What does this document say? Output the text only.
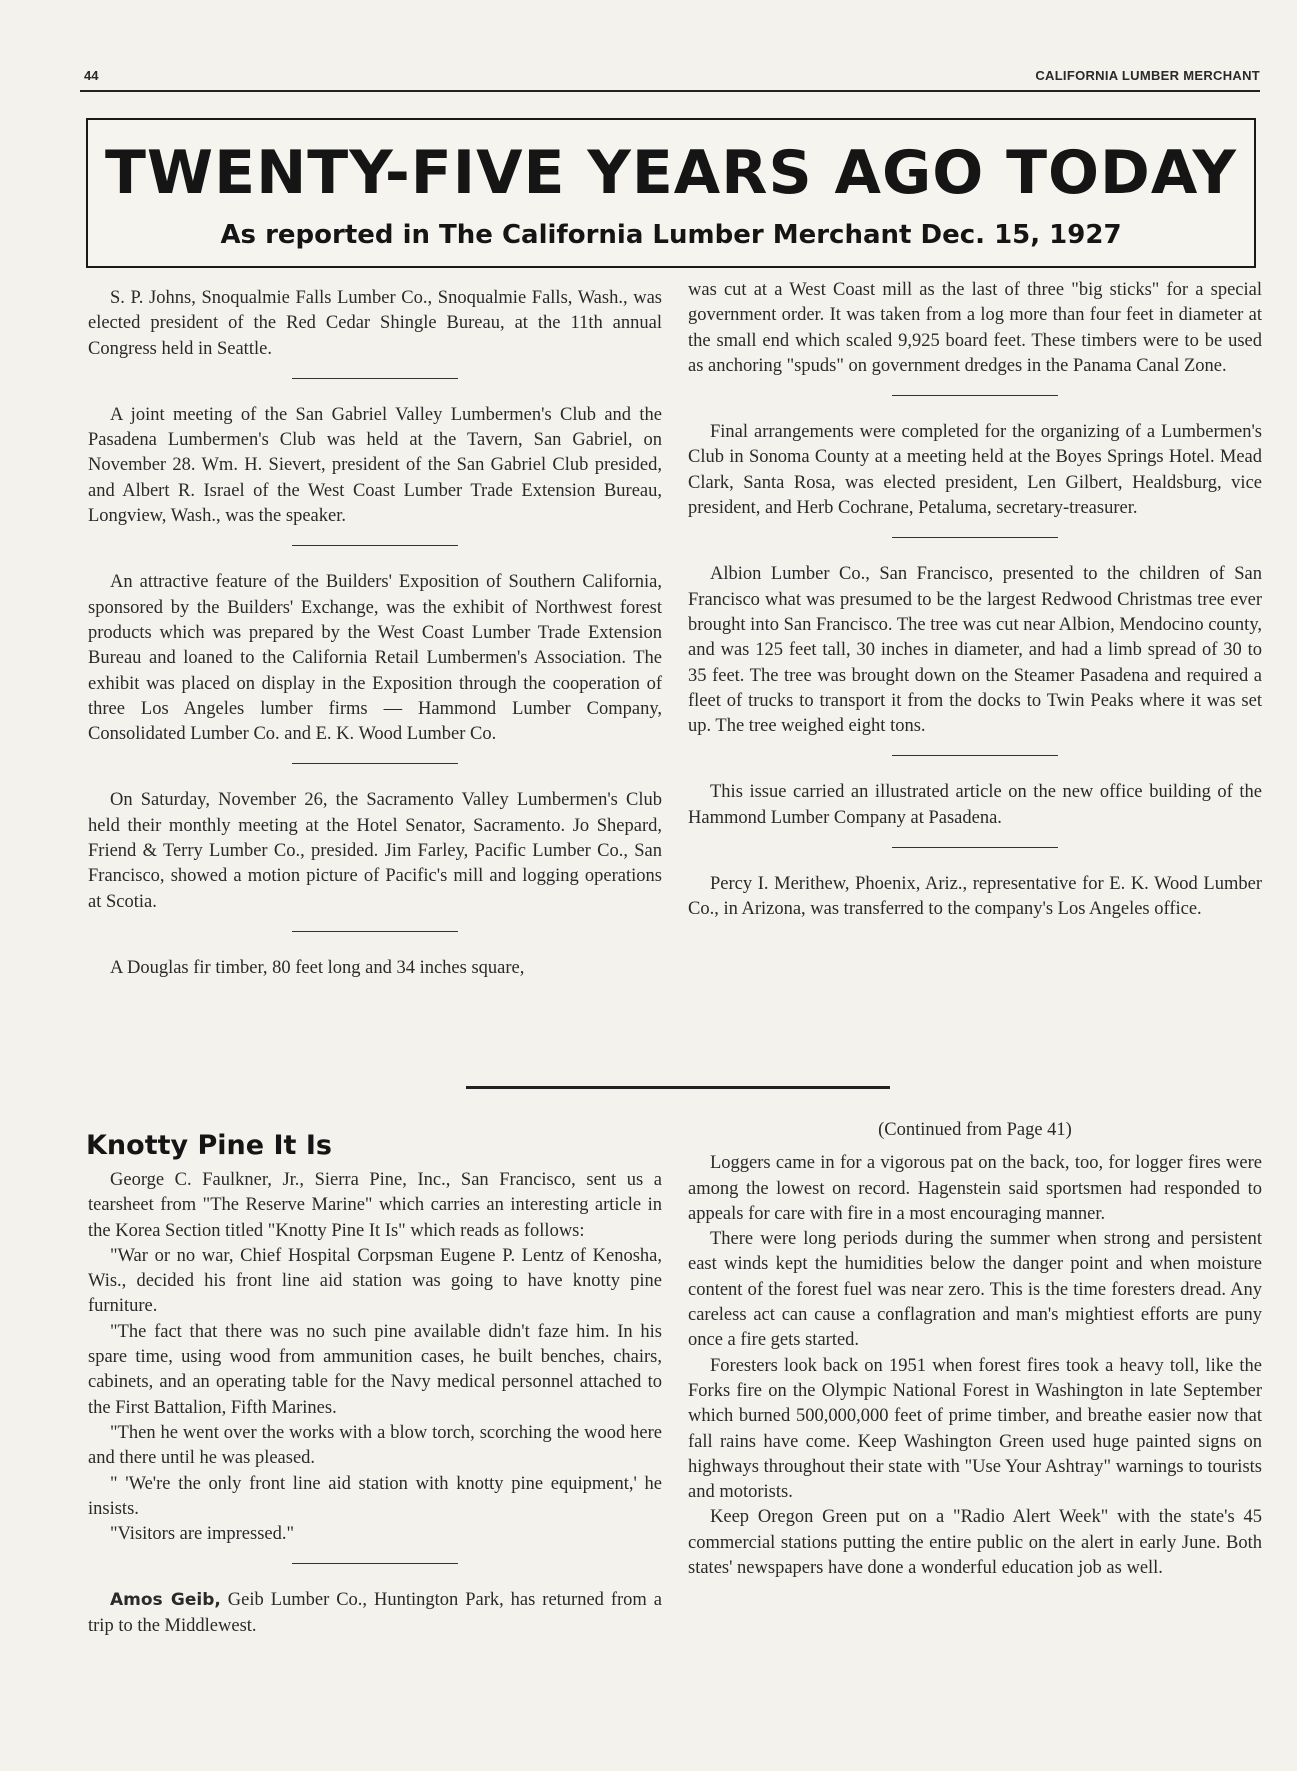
44	CALIFORNIA LUMBER MERCHANT
TWENTY-FIVE YEARS AGO TODAY
As reported in The California Lumber Merchant Dec. 15, 1927

S. P. Johns, Snoqualmie Falls Lumber Co., Snoqualmie Falls, Wash., was elected president of the Red Cedar Shingle Bureau, at the 11th annual Congress held in Seattle.

A joint meeting of the San Gabriel Valley Lumbermen's Club and the Pasadena Lumbermen's Club was held at the Tavern, San Gabriel, on November 28. Wm. H. Sievert, president of the San Gabriel Club presided, and Albert R. Israel of the West Coast Lumber Trade Extension Bureau, Longview, Wash., was the speaker.

An attractive feature of the Builders' Exposition of Southern California, sponsored by the Builders' Exchange, was the exhibit of Northwest forest products which was prepared by the West Coast Lumber Trade Extension Bureau and loaned to the California Retail Lumbermen's Association. The exhibit was placed on display in the Exposition through the cooperation of three Los Angeles lumber firms — Hammond Lumber Company, Consolidated Lumber Co. and E. K. Wood Lumber Co.

On Saturday, November 26, the Sacramento Valley Lumbermen's Club held their monthly meeting at the Hotel Senator, Sacramento. Jo Shepard, Friend & Terry Lumber Co., presided. Jim Farley, Pacific Lumber Co., San Francisco, showed a motion picture of Pacific's mill and logging operations at Scotia.

A Douglas fir timber, 80 feet long and 34 inches square,

was cut at a West Coast mill as the last of three "big sticks" for a special government order. It was taken from a log more than four feet in diameter at the small end which scaled 9,925 board feet. These timbers were to be used as anchoring "spuds" on government dredges in the Panama Canal Zone.

Final arrangements were completed for the organizing of a Lumbermen's Club in Sonoma County at a meeting held at the Boyes Springs Hotel. Mead Clark, Santa Rosa, was elected president, Len Gilbert, Healdsburg, vice president, and Herb Cochrane, Petaluma, secretary-treasurer.

Albion Lumber Co., San Francisco, presented to the children of San Francisco what was presumed to be the largest Redwood Christmas tree ever brought into San Francisco. The tree was cut near Albion, Mendocino county, and was 125 feet tall, 30 inches in diameter, and had a limb spread of 30 to 35 feet. The tree was brought down on the Steamer Pasadena and required a fleet of trucks to transport it from the docks to Twin Peaks where it was set up. The tree weighed eight tons.

This issue carried an illustrated article on the new office building of the Hammond Lumber Company at Pasadena.

Percy I. Merithew, Phoenix, Ariz., representative for E. K. Wood Lumber Co., in Arizona, was transferred to the company's Los Angeles office.

Knotty Pine It Is

George C. Faulkner, Jr., Sierra Pine, Inc., San Francisco, sent us a tearsheet from "The Reserve Marine" which carries an interesting article in the Korea Section titled "Knotty Pine It Is" which reads as follows:

"War or no war, Chief Hospital Corpsman Eugene P. Lentz of Kenosha, Wis., decided his front line aid station was going to have knotty pine furniture.

"The fact that there was no such pine available didn't faze him. In his spare time, using wood from ammunition cases, he built benches, chairs, cabinets, and an operating table for the Navy medical personnel attached to the First Battalion, Fifth Marines.

"Then he went over the works with a blow torch, scorching the wood here and there until he was pleased.

" 'We're the only front line aid station with knotty pine equipment,' he insists.

"Visitors are impressed."

Amos Geib, Geib Lumber Co., Huntington Park, has returned from a trip to the Middlewest.

(Continued from Page 41)

Loggers came in for a vigorous pat on the back, too, for logger fires were among the lowest on record. Hagenstein said sportsmen had responded to appeals for care with fire in a most encouraging manner.

There were long periods during the summer when strong and persistent east winds kept the humidities below the danger point and when moisture content of the forest fuel was near zero. This is the time foresters dread. Any careless act can cause a conflagration and man's mightiest efforts are puny once a fire gets started.

Foresters look back on 1951 when forest fires took a heavy toll, like the Forks fire on the Olympic National Forest in Washington in late September which burned 500,000,000 feet of prime timber, and breathe easier now that fall rains have come. Keep Washington Green used huge painted signs on highways throughout their state with "Use Your Ashtray" warnings to tourists and motorists.

Keep Oregon Green put on a "Radio Alert Week" with the state's 45 commercial stations putting the entire public on the alert in early June. Both states' newspapers have done a wonderful education job as well.
